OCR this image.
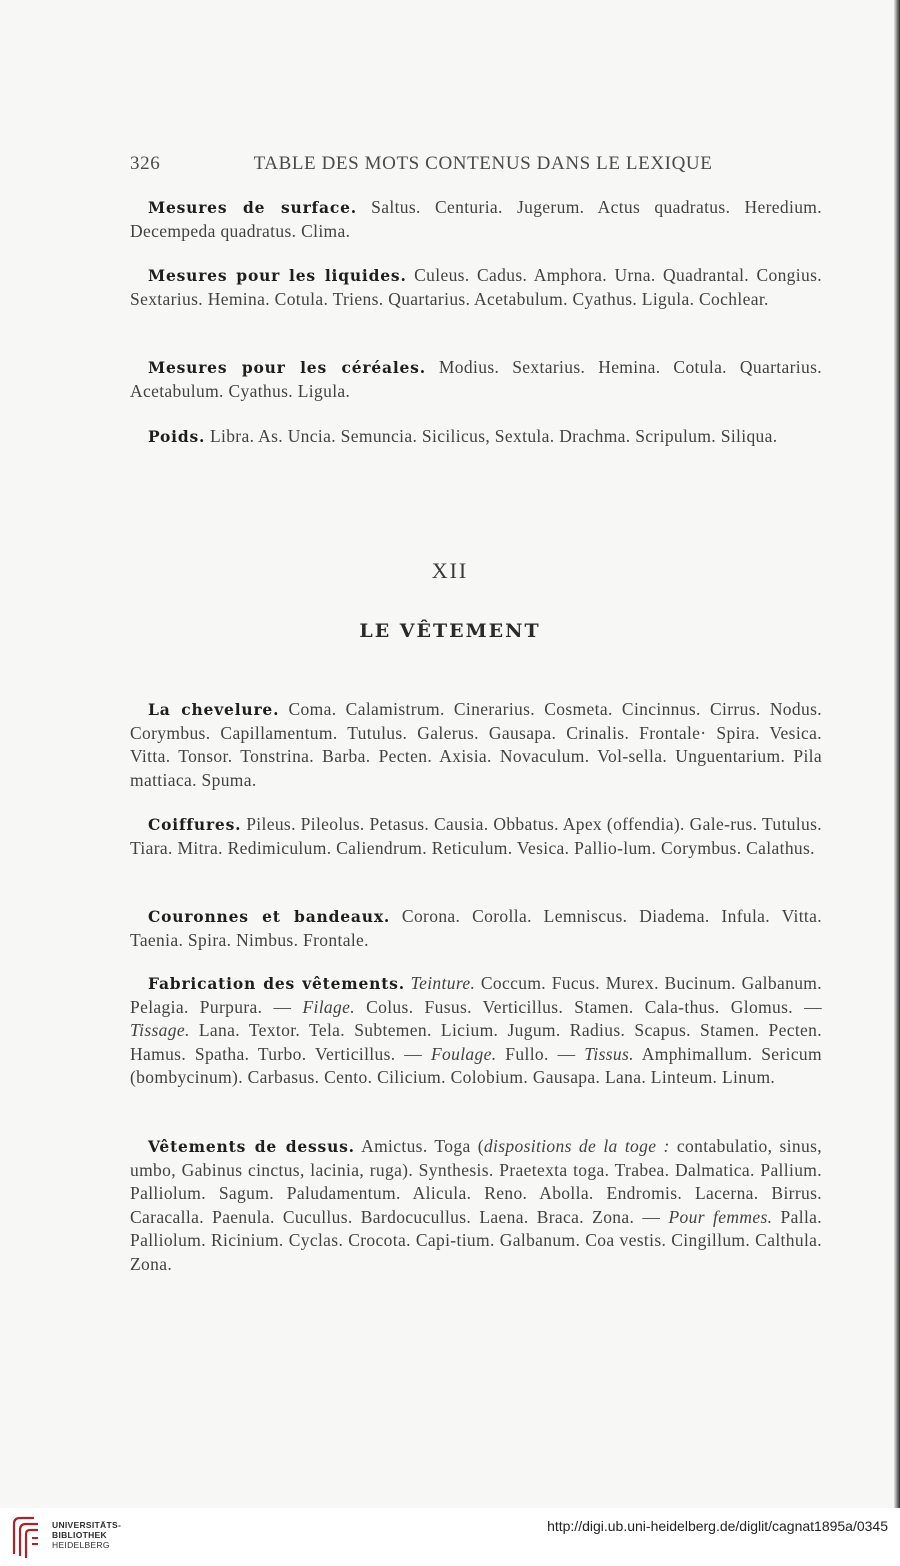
326	TABLE DES MOTS CONTENUS DANS LE LEXIQUE
Mesures de surface. Saltus. Centuria. Jugerum. Actus quadratus. Heredium. Decempeda quadratus. Clima.
Mesures pour les liquides. Culeus. Cadus. Amphora. Urna. Quadrantal. Congius. Sextarius. Hemina. Cotula. Triens. Quartarius. Acetabulum. Cyathus. Ligula. Cochlear.
Mesures pour les céréales. Modius. Sextarius. Hemina. Cotula. Quartarius. Acetabulum. Cyathus. Ligula.
Poids. Libra. As. Uncia. Semuncia. Sicilicus, Sextula. Drachma. Scripulum. Siliqua.
XII
LE VÊTEMENT
La chevelure. Coma. Calamistrum. Cinerarius. Cosmeta. Cincinnus. Cirrus. Nodus. Corymbus. Capillamentum. Tutulus. Galerus. Gausapa. Crinalis. Frontale· Spira. Vesica. Vitta. Tonsor. Tonstrina. Barba. Pecten. Axisia. Novaculum. Vol-sella. Unguentarium. Pila mattiaca. Spuma.
Coiffures. Pileus. Pileolus. Petasus. Causia. Obbatus. Apex (offendia). Gale-rus. Tutulus. Tiara. Mitra. Redimiculum. Caliendrum. Reticulum. Vesica. Pallio-lum. Corymbus. Calathus.
Couronnes et bandeaux. Corona. Corolla. Lemniscus. Diadema. Infula. Vitta. Taenia. Spira. Nimbus. Frontale.
Fabrication des vêtements. Teinture. Coccum. Fucus. Murex. Bucinum. Galbanum. Pelagia. Purpura. — Filage. Colus. Fusus. Verticillus. Stamen. Cala-thus. Glomus. — Tissage. Lana. Textor. Tela. Subtemen. Licium. Jugum. Radius. Scapus. Stamen. Pecten. Hamus. Spatha. Turbo. Verticillus. — Foulage. Fullo. — Tissus. Amphimallum. Sericum (bombycinum). Carbasus. Cento. Cilicium. Colobium. Gausapa. Lana. Linteum. Linum.
Vêtements de dessus. Amictus. Toga (dispositions de la toge : contabulatio, sinus, umbo, Gabinus cinctus, lacinia, ruga). Synthesis. Praetexta toga. Trabea. Dalmatica. Pallium. Palliolum. Sagum. Paludamentum. Alicula. Reno. Abolla. Endromis. Lacerna. Birrus. Caracalla. Paenula. Cucullus. Bardocucullus. Laena. Braca. Zona. — Pour femmes. Palla. Palliolum. Ricinium. Cyclas. Crocota. Capi-tium. Galbanum. Coa vestis. Cingillum. Calthula. Zona.
UNIVERSITÄTS-
BIBLIOTHEK
HEIDELBERG
http://digi.ub.uni-heidelberg.de/diglit/cagnat1895a/0345
